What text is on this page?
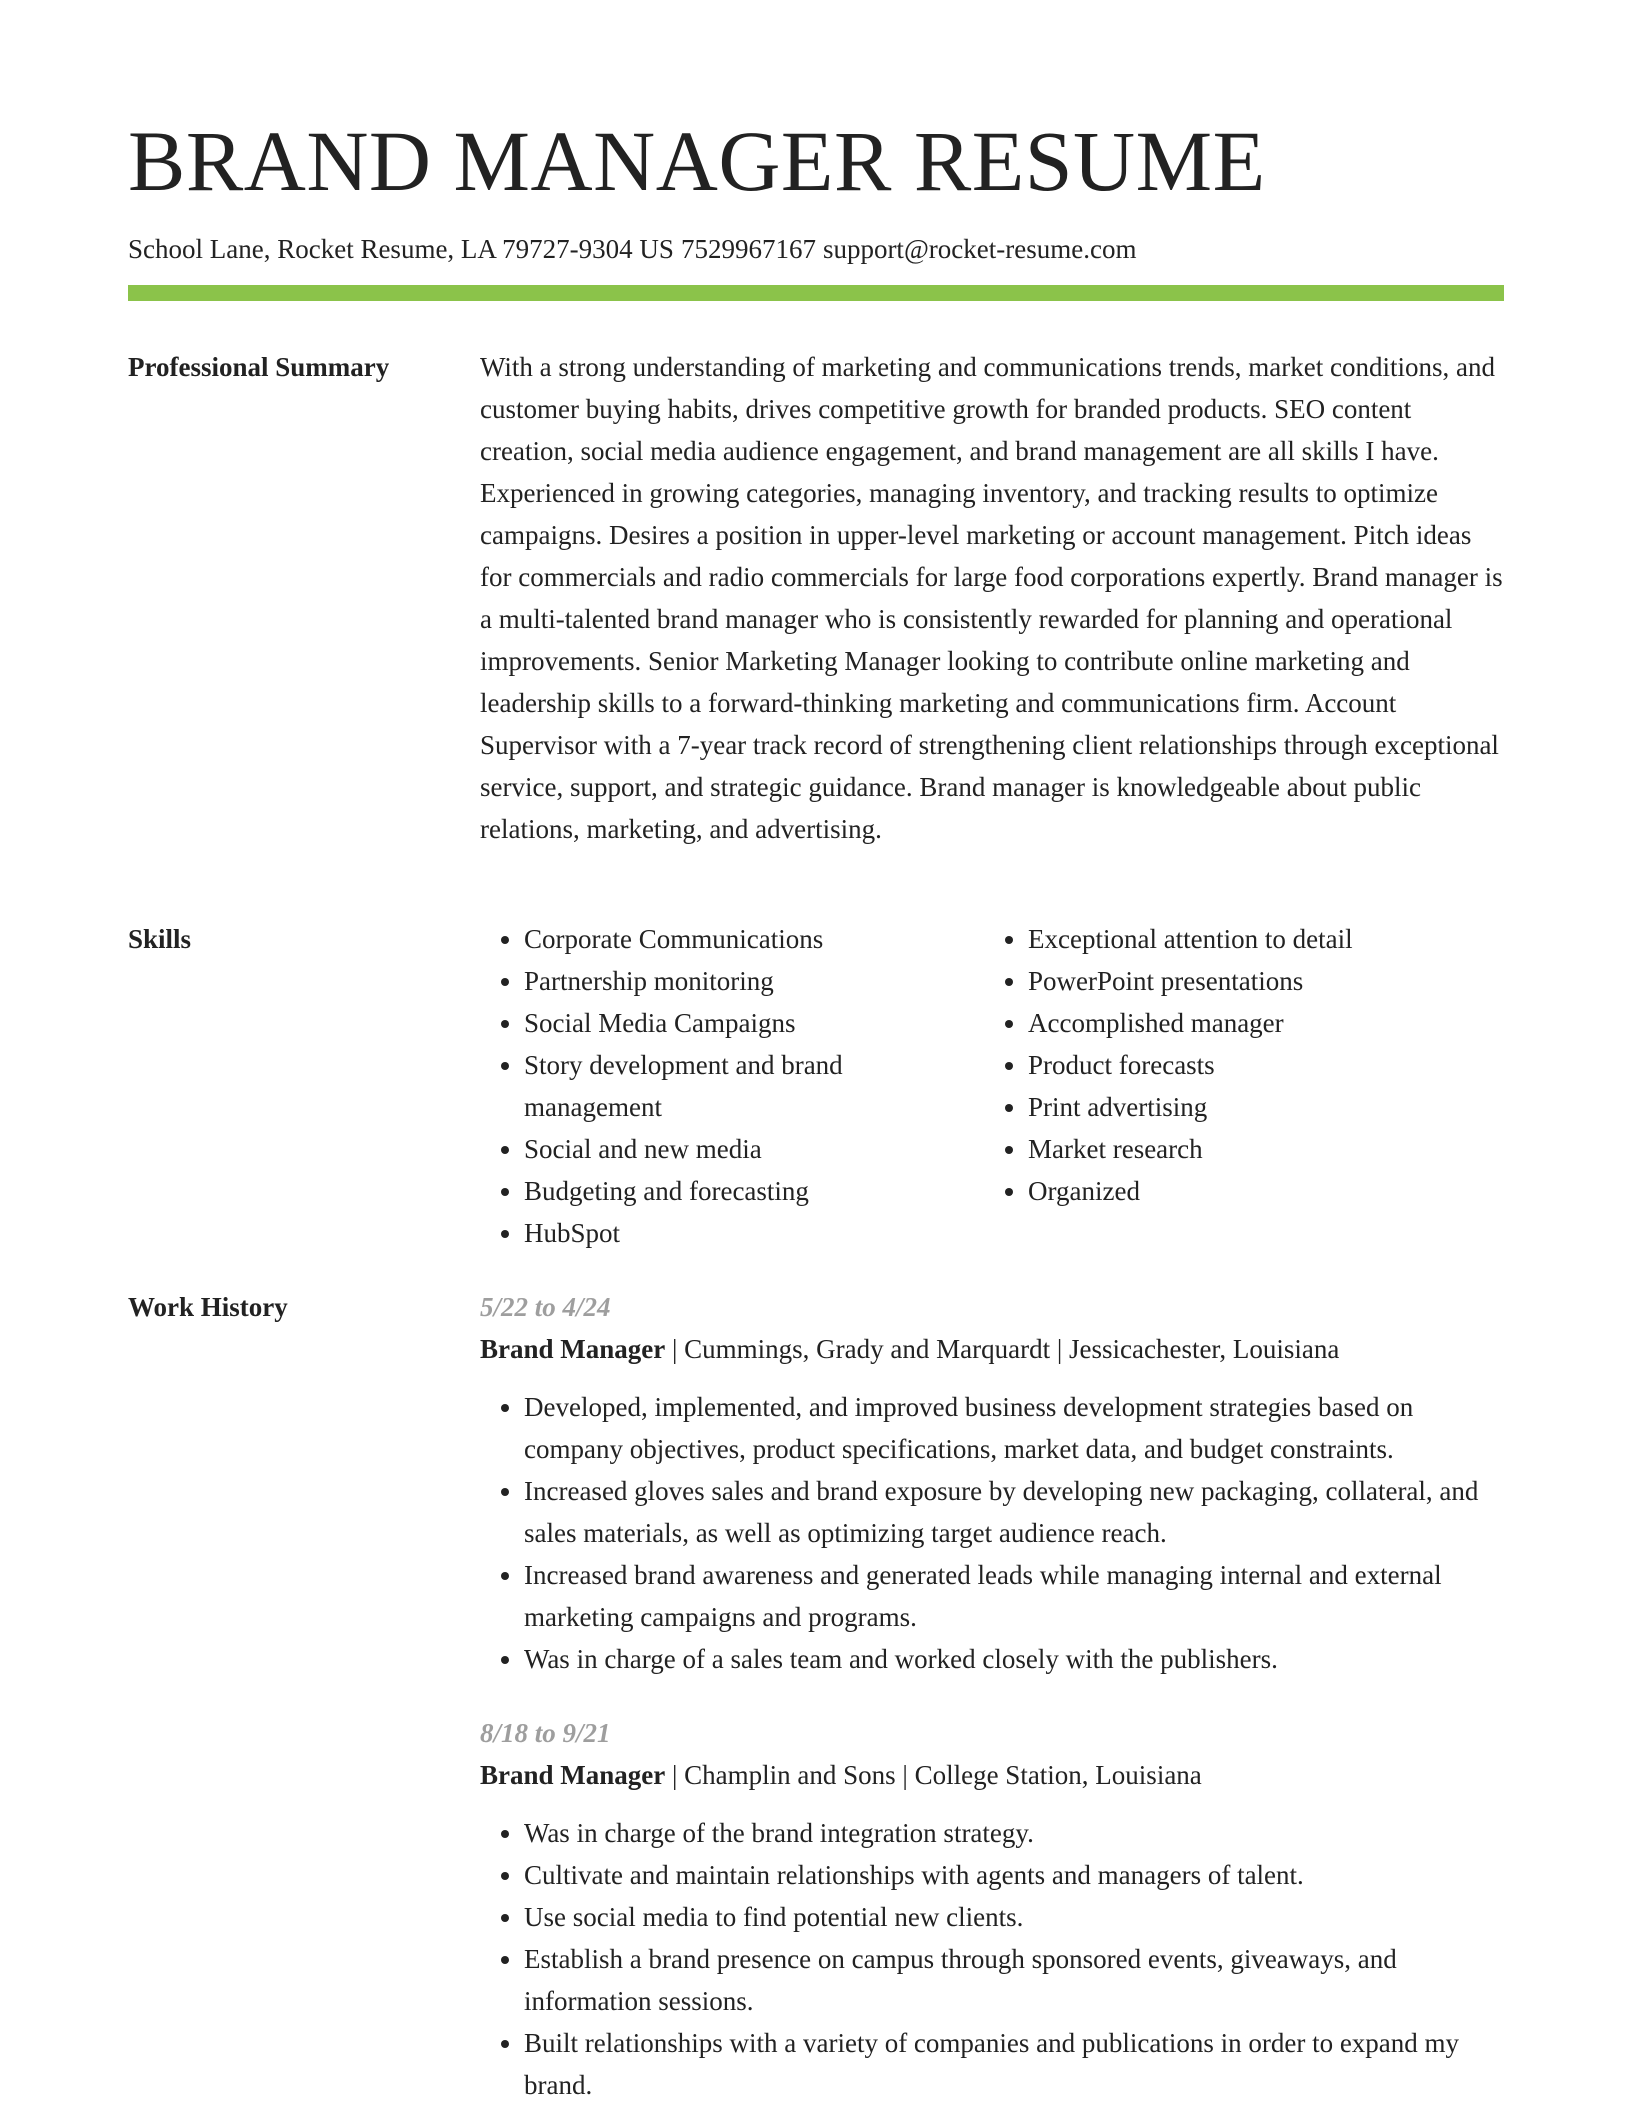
BRAND MANAGER RESUME
School Lane, Rocket Resume, LA 79727-9304 US 7529967167 support@rocket-resume.com
Professional Summary	With a strong understanding of marketing and communications trends, market conditions, and customer buying habits, drives competitive growth for branded products. SEO content creation, social media audience engagement, and brand management are all skills I have. Experienced in growing categories, managing inventory, and tracking results to optimize campaigns. Desires a position in upper-level marketing or account management. Pitch ideas for commercials and radio commercials for large food corporations expertly. Brand manager is a multi-talented brand manager who is consistently rewarded for planning and operational improvements. Senior Marketing Manager looking to contribute online marketing and leadership skills to a forward-thinking marketing and communications firm. Account Supervisor with a 7-year track record of strengthening client relationships through exceptional service, support, and strategic guidance. Brand manager is knowledgeable about public relations, marketing, and advertising.

Skills
•	Corporate Communications
• Partnership monitoring
• Social Media Campaigns
• Story development and brand management
• Social and new media
• Budgeting and forecasting
• HubSpot
• Exceptional attention to detail
• PowerPoint presentations
• Accomplished manager
• Product forecasts
• Print advertising
• Market research
• Organized
Work History	5/22 to 4/24

Brand Manager | Cummings, Grady and Marquardt | Jessicachester, Louisiana

• Developed, implemented, and improved business development strategies based on company objectives, product specifications, market data, and budget constraints.
• Increased gloves sales and brand exposure by developing new packaging, collateral, and sales materials, as well as optimizing target audience reach.
• Increased brand awareness and generated leads while managing internal and external marketing campaigns and programs.
• Was in charge of a sales team and worked closely with the publishers.

8/18 to 9/21

Brand Manager | Champlin and Sons | College Station, Louisiana

• Was in charge of the brand integration strategy.
• Cultivate and maintain relationships with agents and managers of talent.
• Use social media to find potential new clients.
• Establish a brand presence on campus through sponsored events, giveaways, and information sessions.
• Built relationships with a variety of companies and publications in order to expand my brand.
